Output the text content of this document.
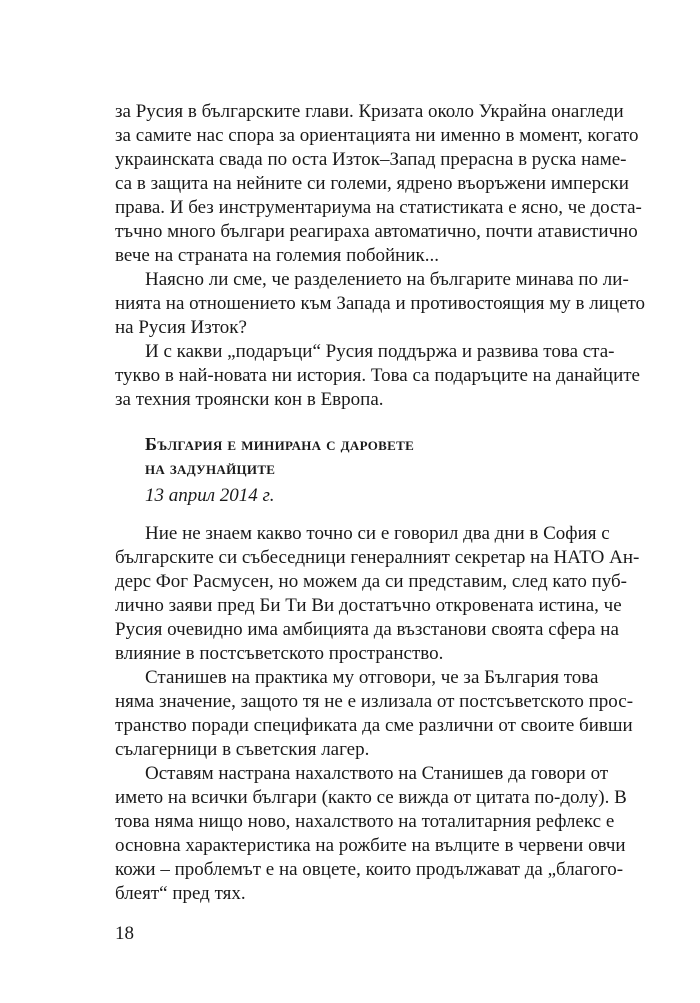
за Русия в българските глави. Кризата около Украйна онагледи
за самите нас спора за ориентацията ни именно в момент, когато
украинската свада по оста Изток–Запад прерасна в руска наме-
са в защита на нейните си големи, ядрено въоръжени имперски
права. И без инструментариума на статистиката е ясно, че доста-
тъчно много българи реагираха автоматично, почти атавистично
вече на страната на големия побойник...
Наясно ли сме, че разделението на българите минава по ли-
нията на отношението към Запада и противостоящия му в лицето
на Русия Изток?
И с какви „подаръци“ Русия поддържа и развива това ста-
тукво в най-новата ни история. Това са подаръците на данайците
за техния троянски кон в Европа.
България е минирана с даровете
на задунайците
13 април 2014 г.
Ние не знаем какво точно си е говорил два дни в София с
българските си събеседници генералният секретар на НАТО Ан-
дерс Фог Расмусен, но можем да си представим, след като пуб-
лично заяви пред Би Ти Ви достатъчно откровената истина, че
Русия очевидно има амбицията да възстанови своята сфера на
влияние в постсъветското пространство.
Станишев на практика му отговори, че за България това
няма значение, защото тя не е излизала от постсъветското прос-
транство поради спецификата да сме различни от своите бивши
сълагерници в съветския лагер.
Оставям настрана нахалството на Станишев да говори от
името на всички българи (както се вижда от цитата по-долу). В
това няма нищо ново, нахалството на тоталитарния рефлекс е
основна характеристика на рожбите на вълците в червени овчи
кожи – проблемът е на овцете, които продължават да „благого-
блеят“ пред тях.
18
